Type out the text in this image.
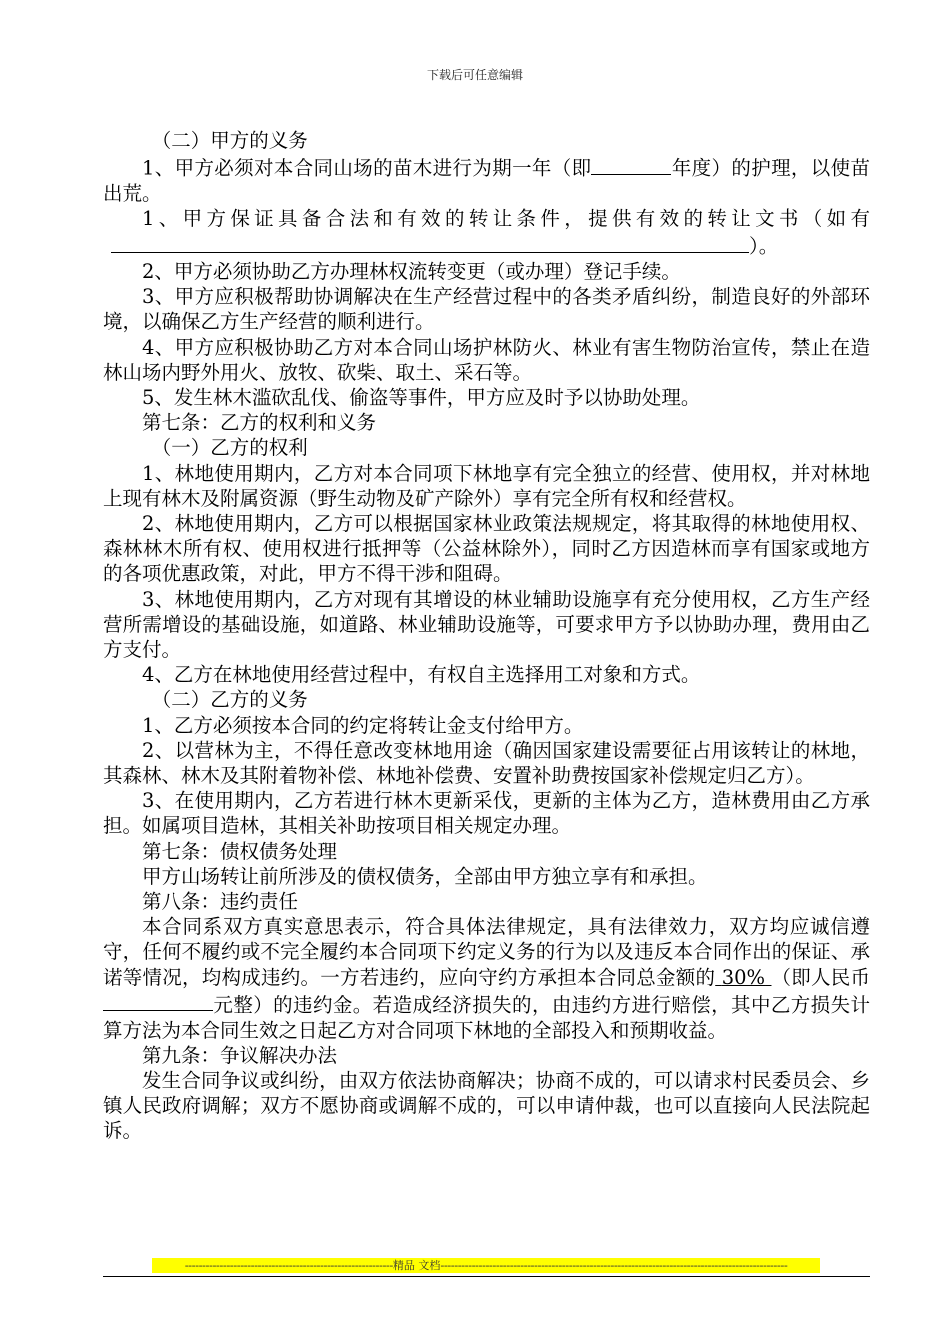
下载后可任意编辑

（二）甲方的义务

1、甲方必须对本合同山场的苗木进行为期一年（即	年度）的护理，以使苗出荒。

1、甲方保证具备合法和有效的转让条件，提供有效的转让文书（如有）。

2、甲方必须协助乙方办理林权流转变更（或办理）登记手续。

3、甲方应积极帮助协调解决在生产经营过程中的各类矛盾纠纷，制造良好的外部环境，以确保乙方生产经营的顺利进行。

4、甲方应积极协助乙方对本合同山场护林防火、林业有害生物防治宣传，禁止在造林山场内野外用火、放牧、砍柴、取土、采石等。

5、发生林木滥砍乱伐、偷盗等事件，甲方应及时予以协助处理。

第七条：乙方的权利和义务

（一）乙方的权利

1、林地使用期内，乙方对本合同项下林地享有完全独立的经营、使用权，并对林地上现有林木及附属资源（野生动物及矿产除外）享有完全所有权和经营权。

2、林地使用期内，乙方可以根据国家林业政策法规规定，将其取得的林地使用权、森林林木所有权、使用权进行抵押等（公益林除外），同时乙方因造林而享有国家或地方的各项优惠政策，对此，甲方不得干涉和阻碍。

3、林地使用期内，乙方对现有其增设的林业辅助设施享有充分使用权，乙方生产经营所需增设的基础设施，如道路、林业辅助设施等，可要求甲方予以协助办理，费用由乙方支付。

4、乙方在林地使用经营过程中，有权自主选择用工对象和方式。

（二）乙方的义务

1、乙方必须按本合同的约定将转让金支付给甲方。

2、以营林为主，不得任意改变林地用途（确因国家建设需要征占用该转让的林地，其森林、林木及其附着物补偿、林地补偿费、安置补助费按国家补偿规定归乙方）。

3、在使用期内，乙方若进行林木更新采伐，更新的主体为乙方，造林费用由乙方承担。如属项目造林，其相关补助按项目相关规定办理。

第七条：债权债务处理

甲方山场转让前所涉及的债权债务，全部由甲方独立享有和承担。

第八条：违约责任

本合同系双方真实意思表示，符合具体法律规定，具有法律效力，双方均应诚信遵守，任何不履约或不完全履约本合同项下约定义务的行为以及违反本合同作出的保证、承诺等情况，均构成违约。一方若违约，应向守约方承担本合同总金额的 30% （即人民币元整）的违约金。若造成经济损失的，由违约方进行赔偿，其中乙方损失计算方法为本合同生效之日起乙方对合同项下林地的全部投入和预期收益。

第九条：争议解决办法

发生合同争议或纠纷，由双方依法协商解决；协商不成的，可以请求村民委员会、乡镇人民政府调解；双方不愿协商或调解不成的，可以申请仲裁，也可以直接向人民法院起诉。

------------------------------------------------------------精品 文档----------------------------------------------------------------------------------------------------
